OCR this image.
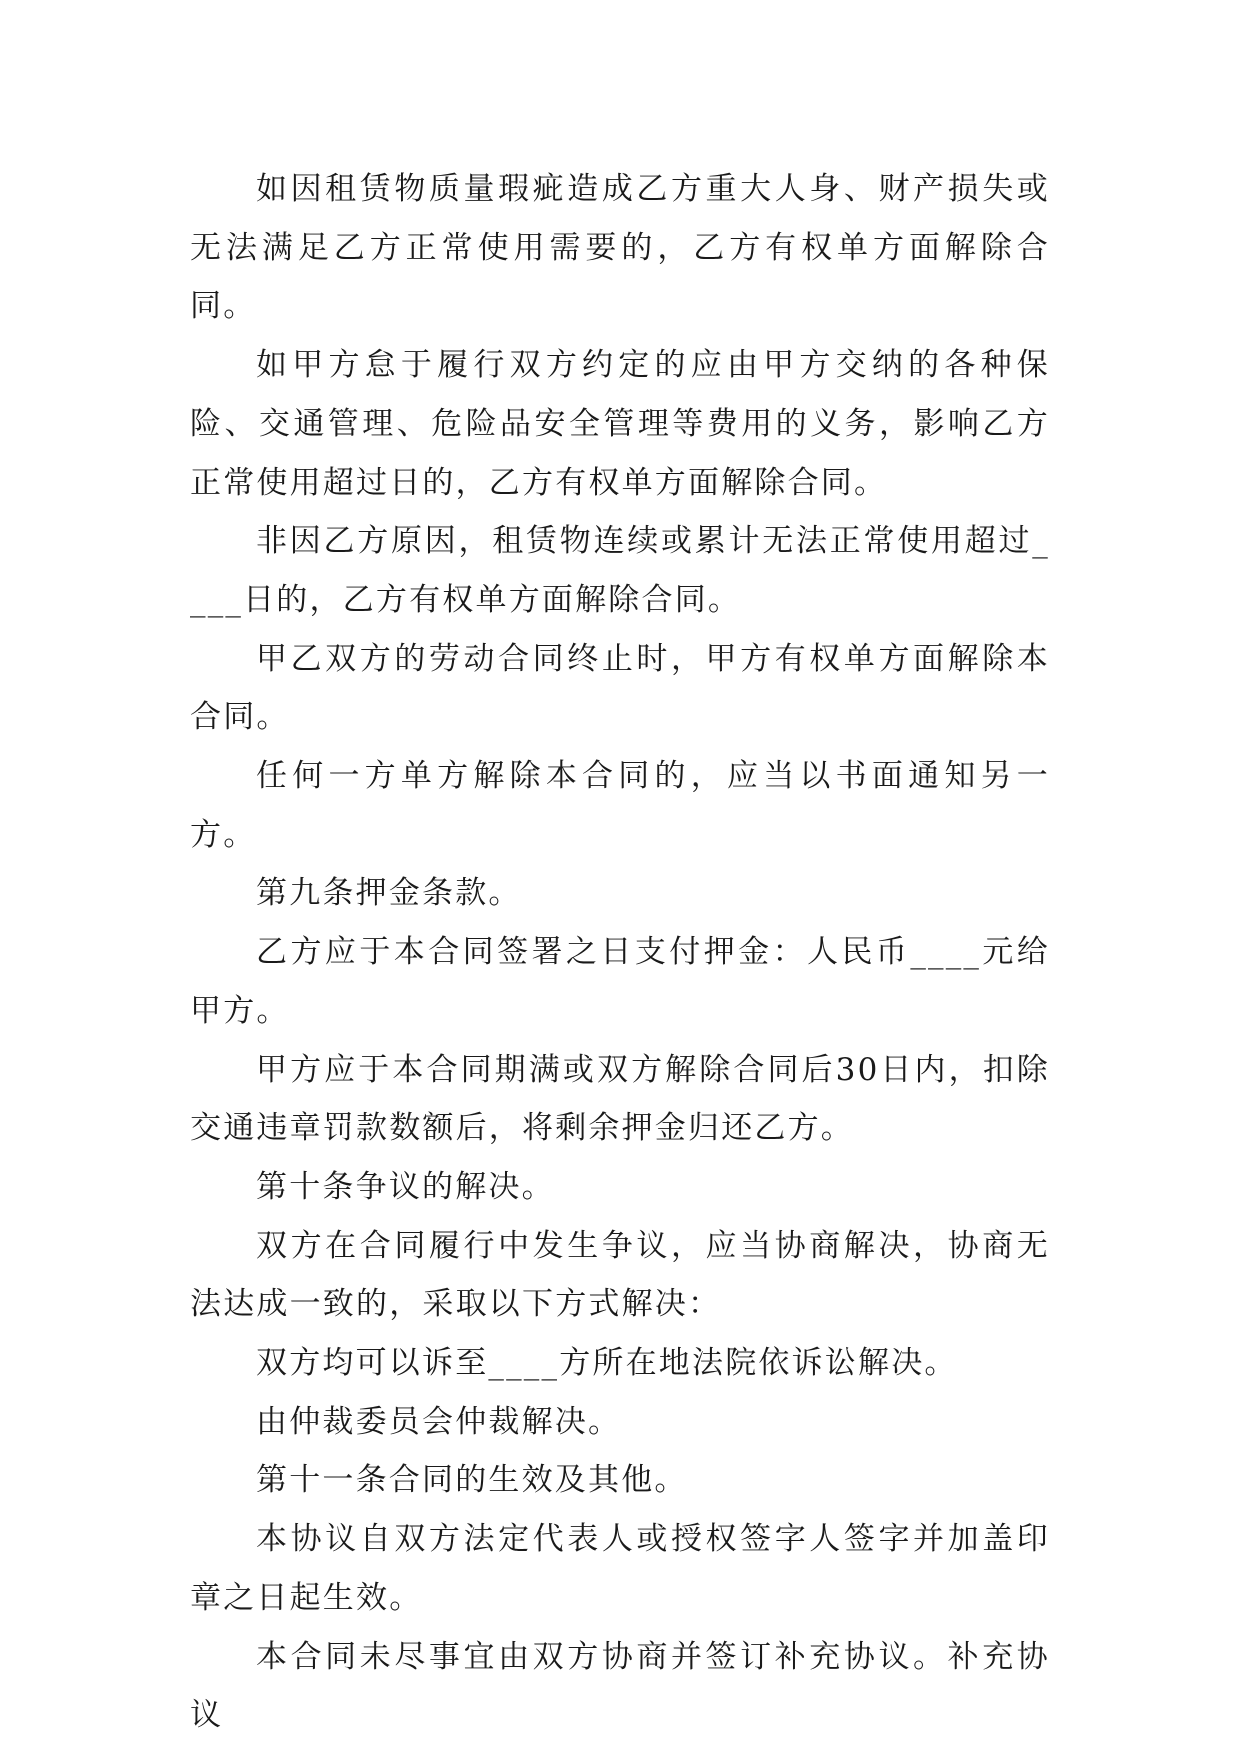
如因租赁物质量瑕疵造成乙方重大人身、财产损失或无法满足乙方正常使用需要的，乙方有权单方面解除合同。

如甲方怠于履行双方约定的应由甲方交纳的各种保险、交通管理、危险品安全管理等费用的义务，影响乙方正常使用超过日的，乙方有权单方面解除合同。

非因乙方原因，租赁物连续或累计无法正常使用超过____日的，乙方有权单方面解除合同。

甲乙双方的劳动合同终止时，甲方有权单方面解除本合同。

任何一方单方解除本合同的，应当以书面通知另一方。

第九条押金条款。

乙方应于本合同签署之日支付押金：人民币____元给甲方。

甲方应于本合同期满或双方解除合同后30日内，扣除交通违章罚款数额后，将剩余押金归还乙方。

第十条争议的解决。

双方在合同履行中发生争议，应当协商解决，协商无法达成一致的，采取以下方式解决：

双方均可以诉至____方所在地法院依诉讼解决。

由仲裁委员会仲裁解决。

第十一条合同的生效及其他。

本协议自双方法定代表人或授权签字人签字并加盖印章之日起生效。

本合同未尽事宜由双方协商并签订补充协议。补充协议
